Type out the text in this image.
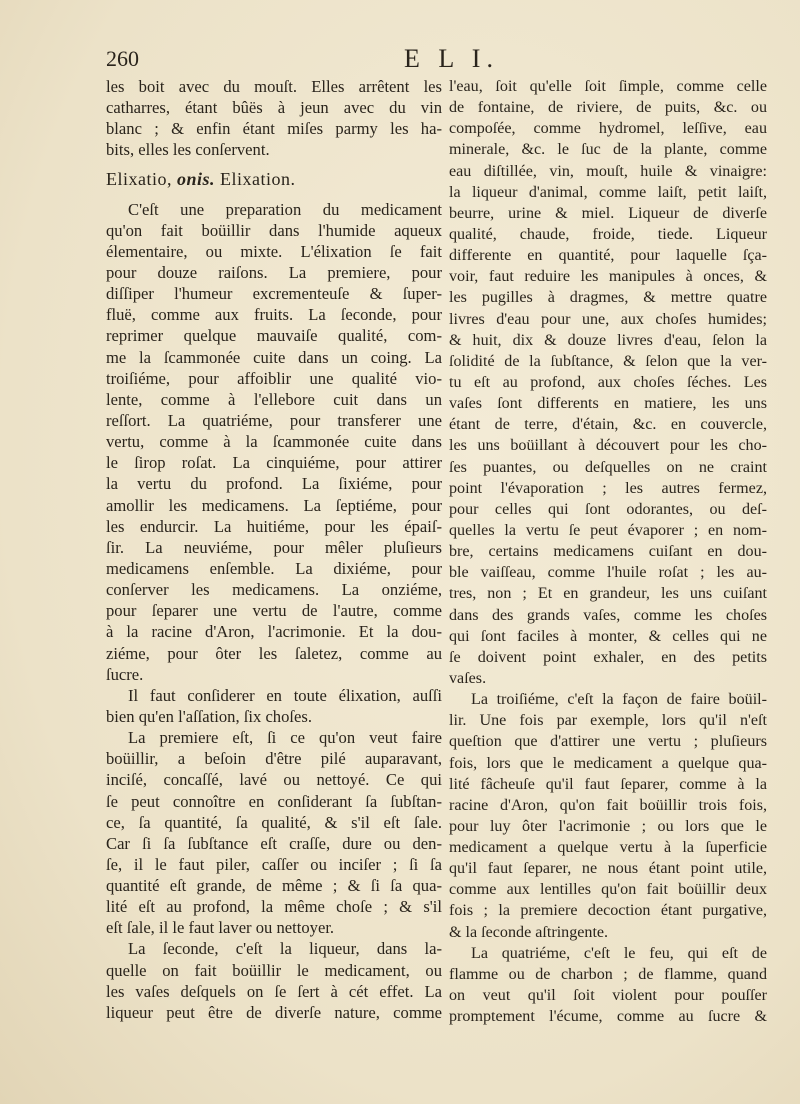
260	E L I.
les boit avec du mouſt. Elles arrêtent les
catharres, étant bûës à jeun avec du vin
blanc ; & enfin étant miſes parmy les ha-
bits, elles les conſervent.
Elixatio, onis. Elixation.
C'eſt une preparation du medicament
qu'on fait boüillir dans l'humide aqueux
élementaire, ou mixte. L'élixation ſe fait
pour douze raiſons. La premiere, pour
diſſiper l'humeur excrementeuſe & ſuper-
fluë, comme aux fruits. La ſeconde, pour
reprimer quelque mauvaiſe qualité, com-
me la ſcammonée cuite dans un coing. La
troiſiéme, pour affoiblir une qualité vio-
lente, comme à l'ellebore cuit dans un
reſſort. La quatriéme, pour transferer une
vertu, comme à la ſcammonée cuite dans
le ſirop roſat. La cinquiéme, pour attirer
la vertu du profond. La ſixiéme, pour
amollir les medicamens. La ſeptiéme, pour
les endurcir. La huitiéme, pour les épaiſ-
ſir. La neuviéme, pour mêler pluſieurs
medicamens enſemble. La dixiéme, pour
conſerver les medicamens. La onziéme,
pour ſeparer une vertu de l'autre, comme
à la racine d'Aron, l'acrimonie. Et la dou-
ziéme, pour ôter les ſaletez, comme au
ſucre.
Il faut conſiderer en toute élixation, auſſi
bien qu'en l'aſſation, ſix choſes.
La premiere eſt, ſi ce qu'on veut faire
boüillir, a beſoin d'être pilé auparavant,
inciſé, concaſſé, lavé ou nettoyé. Ce qui
ſe peut connoître en conſiderant ſa ſubſtan-
ce, ſa quantité, ſa qualité, & s'il eſt ſale.
Car ſi ſa ſubſtance eſt craſſe, dure ou den-
ſe, il le faut piler, caſſer ou inciſer ; ſi ſa
quantité eſt grande, de même ; & ſi ſa qua-
lité eſt au profond, la même choſe ; & s'il
eſt ſale, il le faut laver ou nettoyer.
La ſeconde, c'eſt la liqueur, dans la-
quelle on fait boüillir le medicament, ou
les vaſes deſquels on ſe ſert à cét effet. La
liqueur peut être de diverſe nature, comme
l'eau, ſoit qu'elle ſoit ſimple, comme celle
de fontaine, de riviere, de puits, &c. ou
compoſée, comme hydromel, leſſive, eau
minerale, &c. le ſuc de la plante, comme
eau diſtillée, vin, mouſt, huile & vinaigre:
la liqueur d'animal, comme laiſt, petit laiſt,
beurre, urine & miel. Liqueur de diverſe
qualité, chaude, froide, tiede. Liqueur
differente en quantité, pour laquelle ſça-
voir, faut reduire les manipules à onces, &
les pugilles à dragmes, & mettre quatre
livres d'eau pour une, aux choſes humides;
& huit, dix & douze livres d'eau, ſelon la
ſolidité de la ſubſtance, & ſelon que la ver-
tu eſt au profond, aux choſes ſéches. Les
vaſes ſont differents en matiere, les uns
étant de terre, d'étain, &c. en couvercle,
les uns boüillant à découvert pour les cho-
ſes puantes, ou deſquelles on ne craint
point l'évaporation ; les autres fermez,
pour celles qui ſont odorantes, ou deſ-
quelles la vertu ſe peut évaporer ; en nom-
bre, certains medicamens cuiſant en dou-
ble vaiſſeau, comme l'huile roſat ; les au-
tres, non ; Et en grandeur, les uns cuiſant
dans des grands vaſes, comme les choſes
qui ſont faciles à monter, & celles qui ne
ſe doivent point exhaler, en des petits
vaſes.
La troiſiéme, c'eſt la façon de faire boüil-
lir. Une fois par exemple, lors qu'il n'eſt
queſtion que d'attirer une vertu ; pluſieurs
fois, lors que le medicament a quelque qua-
lité fâcheuſe qu'il faut ſeparer, comme à la
racine d'Aron, qu'on fait boüillir trois fois,
pour luy ôter l'acrimonie ; ou lors que le
medicament a quelque vertu à la ſuperficie
qu'il faut ſeparer, ne nous étant point utile,
comme aux lentilles qu'on fait boüillir deux
fois ; la premiere decoction étant purgative,
& la ſeconde aſtringente.
La quatriéme, c'eſt le feu, qui eſt de
flamme ou de charbon ; de flamme, quand
on veut qu'il ſoit violent pour pouſſer
promptement l'écume, comme au ſucre &
